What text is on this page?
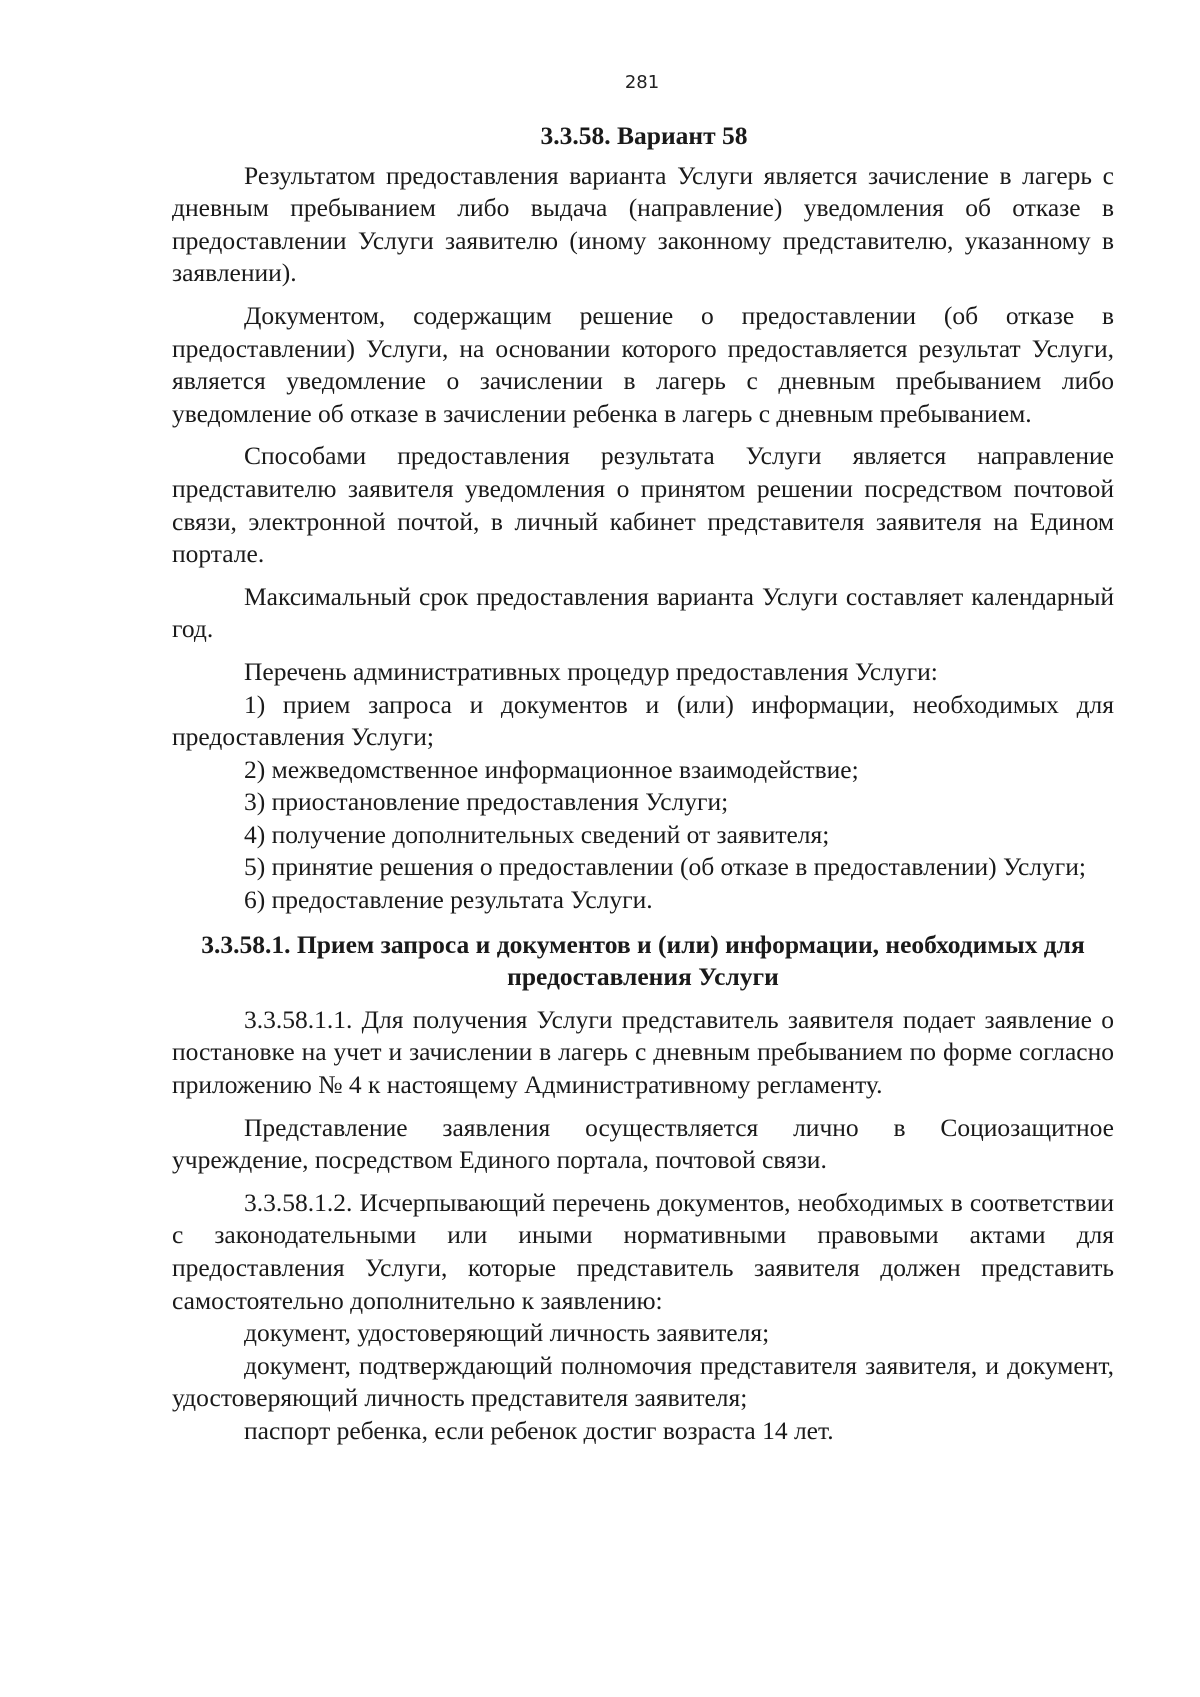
281
3.3.58. Вариант 58

Результатом предоставления варианта Услуги является зачисление в лагерь с дневным пребыванием либо выдача (направление) уведомления об отказе в предоставлении Услуги заявителю (иному законному представителю, указанному в заявлении).

Документом, содержащим решение о предоставлении (об отказе в предоставлении) Услуги, на основании которого предоставляется результат Услуги, является уведомление о зачислении в лагерь с дневным пребыванием либо уведомление об отказе в зачислении ребенка в лагерь с дневным пребыванием.

Способами предоставления результата Услуги является направление представителю заявителя уведомления о принятом решении посредством почтовой связи, электронной почтой, в личный кабинет представителя заявителя на Едином портале.

Максимальный срок предоставления варианта Услуги составляет календарный год.

Перечень административных процедур предоставления Услуги:

1) прием запроса и документов и (или) информации, необходимых для предоставления Услуги;

2) межведомственное информационное взаимодействие;

3) приостановление предоставления Услуги;

4) получение дополнительных сведений от заявителя;

5) принятие решения о предоставлении (об отказе в предоставлении) Услуги;

6) предоставление результата Услуги.

3.3.58.1. Прием запроса и документов и (или) информации, необходимых для предоставления Услуги

3.3.58.1.1. Для получения Услуги представитель заявителя подает заявление о постановке на учет и зачислении в лагерь с дневным пребыванием по форме согласно приложению № 4 к настоящему Административному регламенту.

Представление заявления осуществляется лично в Социозащитное учреждение, посредством Единого портала, почтовой связи.

3.3.58.1.2. Исчерпывающий перечень документов, необходимых в соответствии с законодательными или иными нормативными правовыми актами для предоставления Услуги, которые представитель заявителя должен представить самостоятельно дополнительно к заявлению:

документ, удостоверяющий личность заявителя;

документ, подтверждающий полномочия представителя заявителя, и документ, удостоверяющий личность представителя заявителя;

паспорт ребенка, если ребенок достиг возраста 14 лет.
